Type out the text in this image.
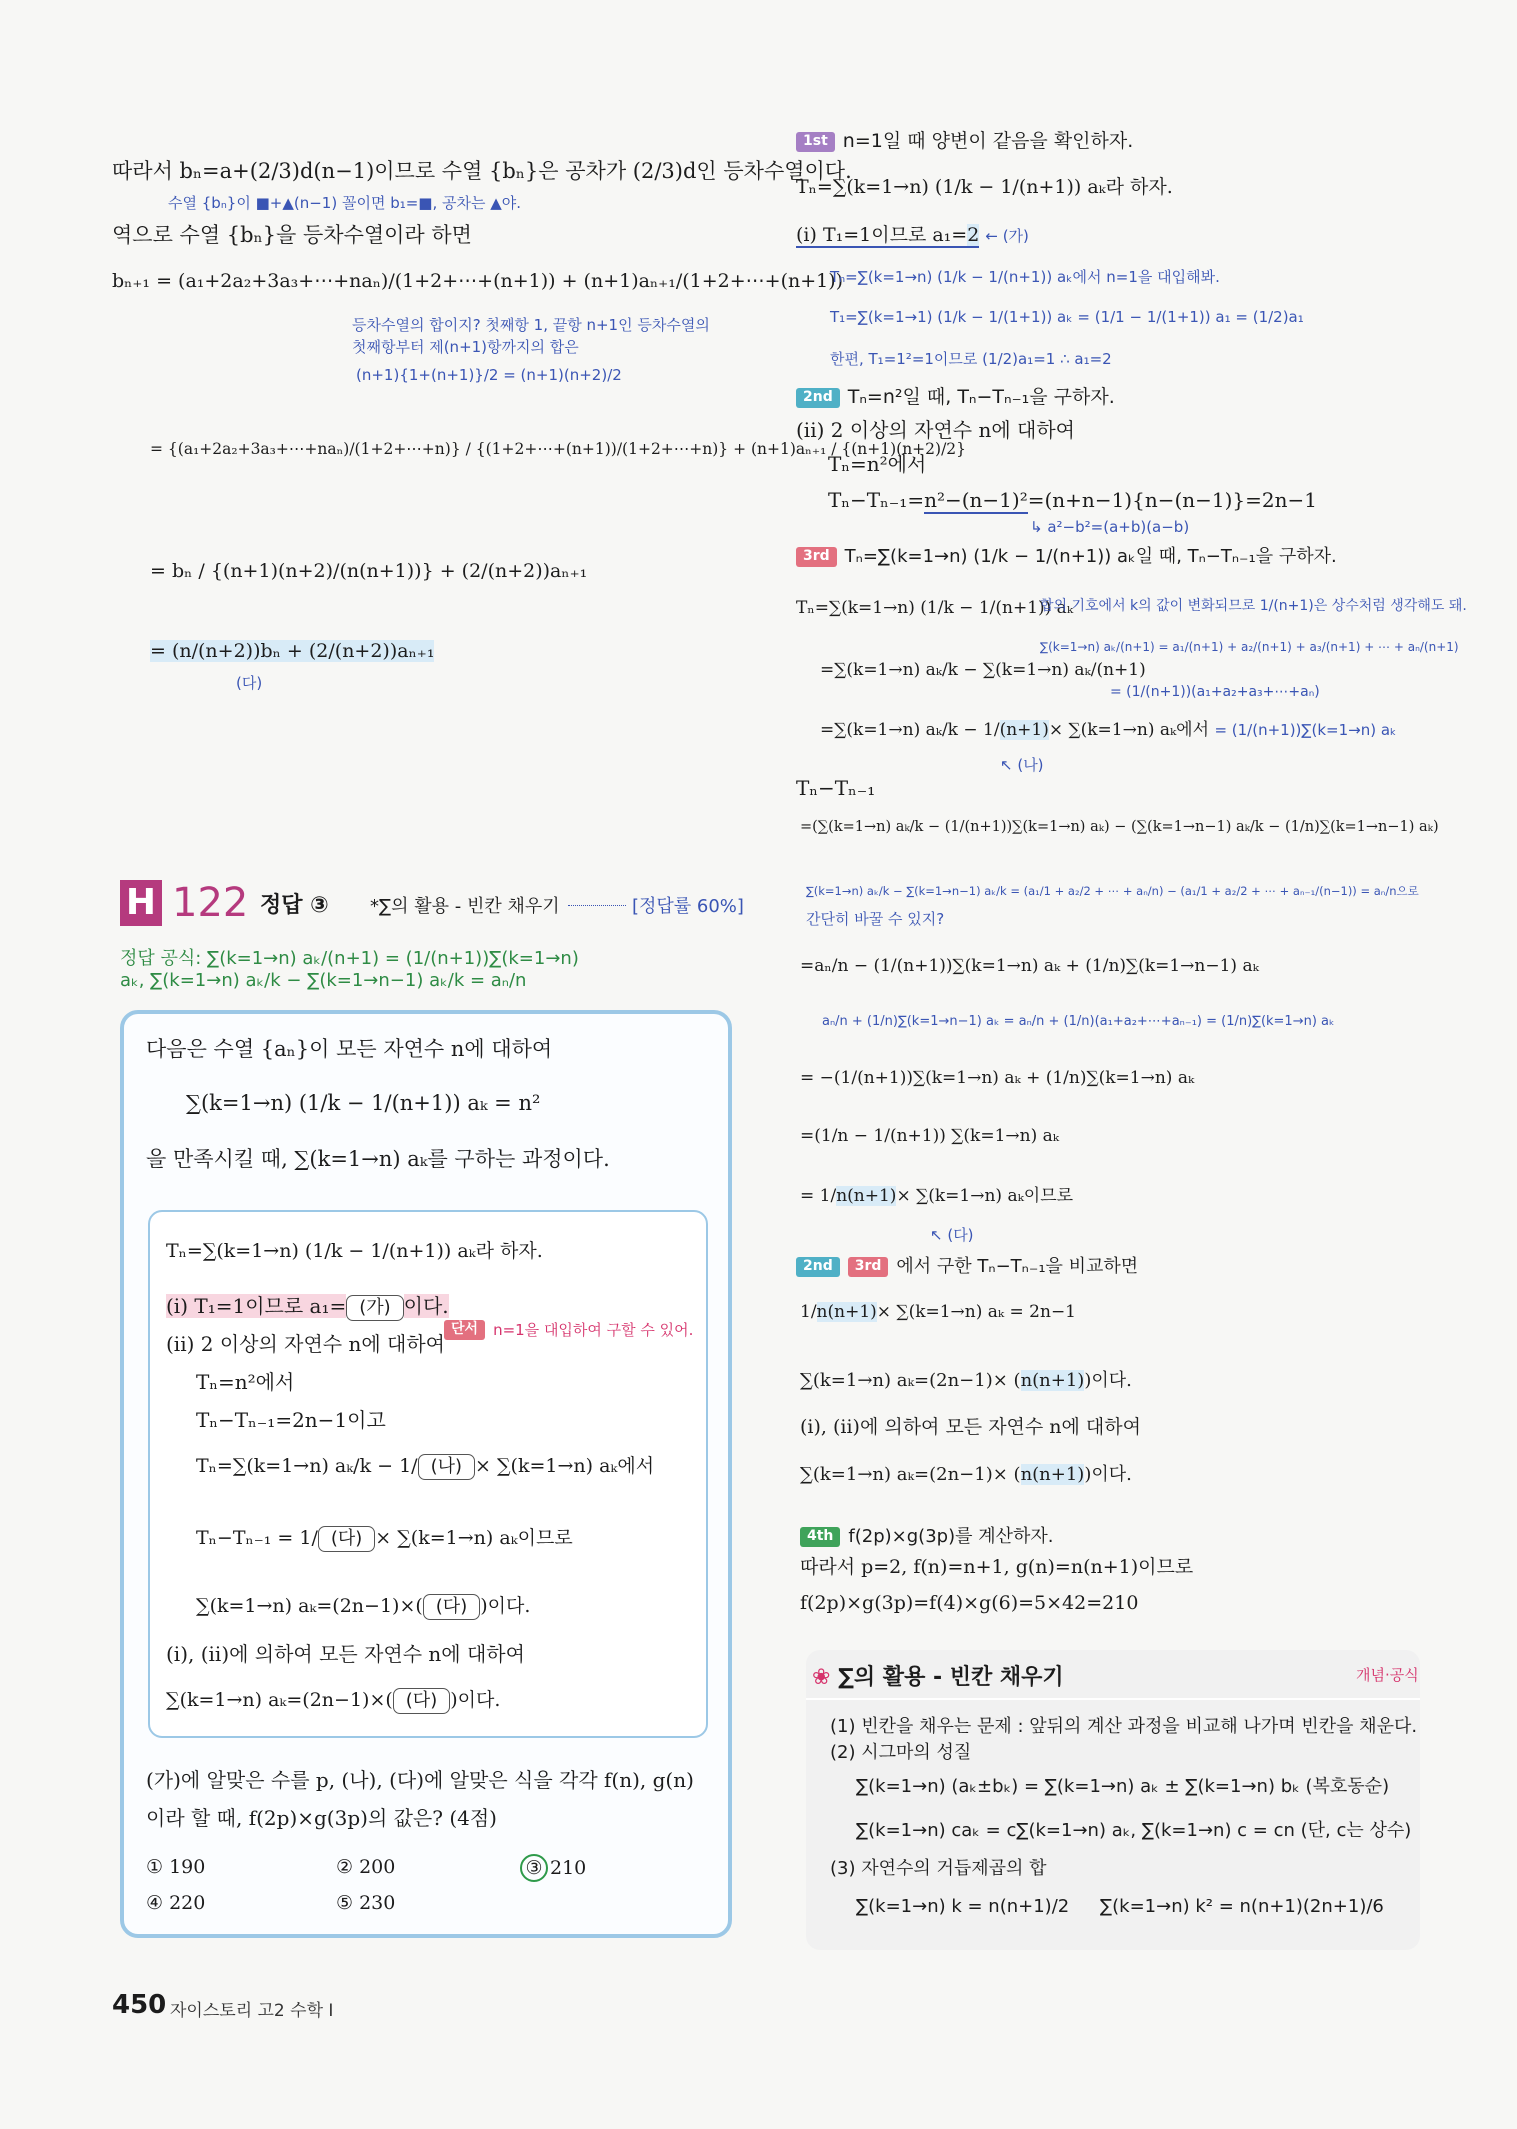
따라서 bₙ=a+(2/3)d(n−1)이므로 수열 {bₙ}은 공차가 (2/3)d인 등차수열이다.
수열 {bₙ}이 ■+▲(n−1) 꼴이면 b₁=■, 공차는 ▲야.
역으로 수열 {bₙ}을 등차수열이라 하면
bₙ₊₁ = (a₁+2a₂+3a₃+⋯+naₙ)/(1+2+⋯+(n+1)) + (n+1)aₙ₊₁/(1+2+⋯+(n+1))
등차수열의 합이지? 첫째항 1, 끝항 n+1인 등차수열의
첫째항부터 제(n+1)항까지의 합은
(n+1){1+(n+1)}/2 = (n+1)(n+2)/2
= {(a₁+2a₂+3a₃+⋯+naₙ)/(1+2+⋯+n)} / {(1+2+⋯+(n+1))/(1+2+⋯+n)} + (n+1)aₙ₊₁ / {(n+1)(n+2)/2}
= bₙ / {(n+1)(n+2)/(n(n+1))} + (2/(n+2))aₙ₊₁
= (n/(n+2))bₙ + (2/(n+2))aₙ₊₁
(다)
H 122 정답 ③ *∑의 활용 - 빈칸 채우기	[정답률 60%]
정답 공식: ∑(k=1→n) aₖ/(n+1) = (1/(n+1))∑(k=1→n) aₖ, ∑(k=1→n) aₖ/k − ∑(k=1→n−1) aₖ/k = aₙ/n
다음은 수열 {aₙ}이 모든 자연수 n에 대하여
∑(k=1→n) (1/k − 1/(n+1)) aₖ = n²
을 만족시킬 때, ∑(k=1→n) aₖ를 구하는 과정이다.
Tₙ=∑(k=1→n) (1/k − 1/(n+1)) aₖ라 하자.
(i) T₁=1이므로 a₁= (가) 이다.
단서 n=1을 대입하여 구할 수 있어.
(ii) 2 이상의 자연수 n에 대하여
Tₙ=n²에서
Tₙ−Tₙ₋₁=2n−1이고
Tₙ=∑(k=1→n) aₖ/k − 1/ (나) × ∑(k=1→n) aₖ에서
Tₙ−Tₙ₋₁ = 1/ (다) × ∑(k=1→n) aₖ이므로
∑(k=1→n) aₖ=(2n−1)×( (다) )이다.
(i), (ii)에 의하여 모든 자연수 n에 대하여
∑(k=1→n) aₖ=(2n−1)×( (다) )이다.
(가)에 알맞은 수를 p, (나), (다)에 알맞은 식을 각각 f(n), g(n)
이라 할 때, f(2p)×g(3p)의 값은? (4점)
① 190	② 200	③ 210
④ 220	⑤ 230
450 자이스토리 고2 수학 I
1st n=1일 때 양변이 같음을 확인하자.
Tₙ=∑(k=1→n) (1/k − 1/(n+1)) aₖ라 하자.
(i) T₁=1이므로 a₁=2 ← (가)
Tₙ=∑(k=1→n) (1/k − 1/(n+1)) aₖ에서 n=1을 대입해봐.
T₁=∑(k=1→1) (1/k − 1/(1+1)) aₖ = (1/1 − 1/(1+1)) a₁ = (1/2)a₁
한편, T₁=1²=1이므로 (1/2)a₁=1 ∴ a₁=2
2nd Tₙ=n²일 때, Tₙ−Tₙ₋₁을 구하자.
(ii) 2 이상의 자연수 n에 대하여
Tₙ=n²에서
Tₙ−Tₙ₋₁=n²−(n−1)²=(n+n−1){n−(n−1)}=2n−1
↳ a²−b²=(a+b)(a−b)
3rd Tₙ=∑(k=1→n) (1/k − 1/(n+1)) aₖ일 때, Tₙ−Tₙ₋₁을 구하자.
Tₙ=∑(k=1→n) (1/k − 1/(n+1)) aₖ
합의 기호에서 k의 값이 변화되므로 1/(n+1)은 상수처럼 생각해도 돼.
=∑(k=1→n) aₖ/k − ∑(k=1→n) aₖ/(n+1)
∑(k=1→n) aₖ/(n+1) = a₁/(n+1) + a₂/(n+1) + a₃/(n+1) + ⋯ + aₙ/(n+1)
= (1/(n+1))(a₁+a₂+a₃+⋯+aₙ)
=∑(k=1→n) aₖ/k − 1/(n+1)× ∑(k=1→n) aₖ에서 = (1/(n+1))∑(k=1→n) aₖ
↖ (나)
Tₙ−Tₙ₋₁
=(∑(k=1→n) aₖ/k − (1/(n+1))∑(k=1→n) aₖ) − (∑(k=1→n−1) aₖ/k − (1/n)∑(k=1→n−1) aₖ)
∑(k=1→n) aₖ/k − ∑(k=1→n−1) aₖ/k = (a₁/1 + a₂/2 + ⋯ + aₙ/n) − (a₁/1 + a₂/2 + ⋯ + aₙ₋₁/(n−1)) = aₙ/n으로
간단히 바꿀 수 있지?
=aₙ/n − (1/(n+1))∑(k=1→n) aₖ + (1/n)∑(k=1→n−1) aₖ
aₙ/n + (1/n)∑(k=1→n−1) aₖ = aₙ/n + (1/n)(a₁+a₂+⋯+aₙ₋₁) = (1/n)∑(k=1→n) aₖ
= −(1/(n+1))∑(k=1→n) aₖ + (1/n)∑(k=1→n) aₖ
=(1/n − 1/(n+1)) ∑(k=1→n) aₖ
= 1/n(n+1)× ∑(k=1→n) aₖ이므로
↖ (다)
2nd 3rd 에서 구한 Tₙ−Tₙ₋₁을 비교하면
1/n(n+1)× ∑(k=1→n) aₖ = 2n−1
∑(k=1→n) aₖ=(2n−1)× (n(n+1))이다.
(i), (ii)에 의하여 모든 자연수 n에 대하여
∑(k=1→n) aₖ=(2n−1)× (n(n+1))이다.
4th f(2p)×g(3p)를 계산하자.
따라서 p=2, f(n)=n+1, g(n)=n(n+1)이므로
f(2p)×g(3p)=f(4)×g(6)=5×42=210
❀ ∑의 활용 - 빈칸 채우기	개념·공식
(1) 빈칸을 채우는 문제 : 앞뒤의 계산 과정을 비교해 나가며 빈칸을 채운다.
(2) 시그마의 성질
∑(k=1→n) (aₖ±bₖ) = ∑(k=1→n) aₖ ± ∑(k=1→n) bₖ (복호동순)
∑(k=1→n) caₖ = c∑(k=1→n) aₖ, ∑(k=1→n) c = cn (단, c는 상수)
(3) 자연수의 거듭제곱의 합
∑(k=1→n) k = n(n+1)/2 ∑(k=1→n) k² = n(n+1)(2n+1)/6
